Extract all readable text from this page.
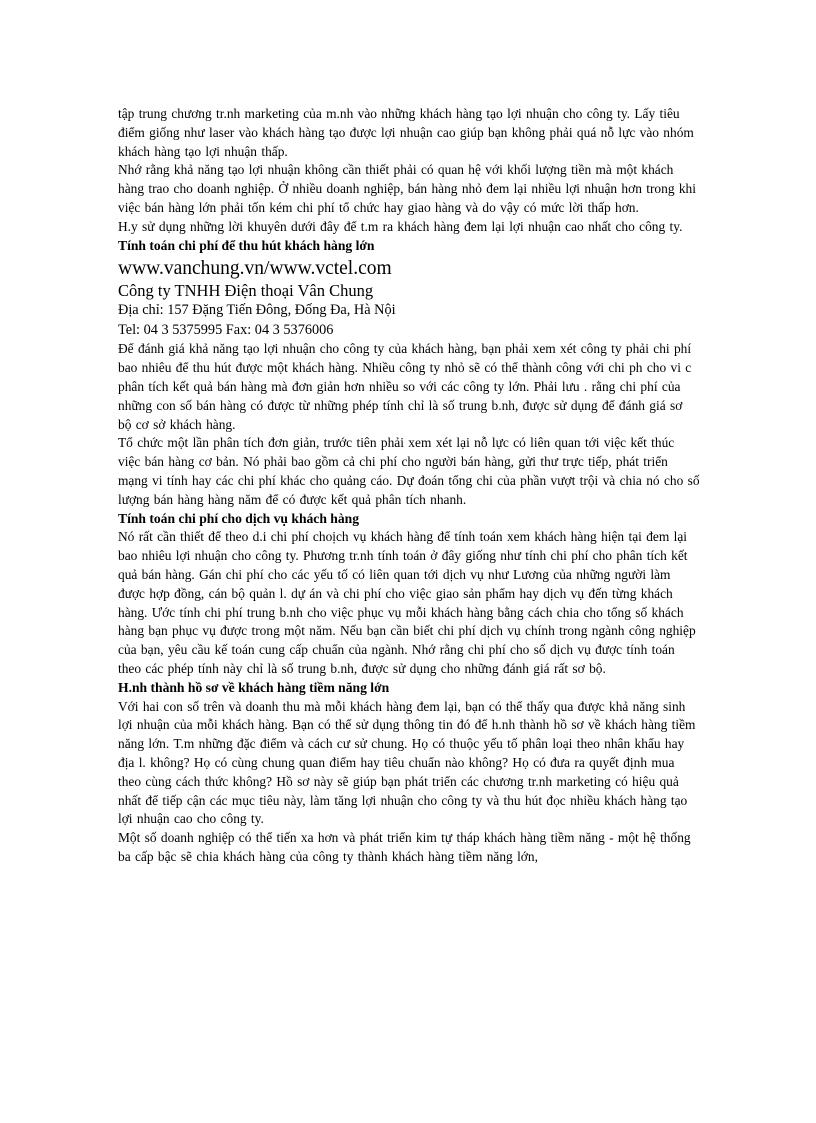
tập trung chương tr.nh marketing của m.nh vào những khách hàng tạo lợi nhuận cho công ty. Lấy tiêu điểm giống như laser vào khách hàng tạo được lợi nhuận cao giúp bạn không phải quá nỗ lực vào nhóm khách hàng tạo lợi nhuận thấp.

Nhớ rằng khả năng tạo lợi nhuận không cần thiết phải có quan hệ với khối lượng tiền mà một khách hàng trao cho doanh nghiệp. Ở nhiều doanh nghiệp, bán hàng nhỏ đem lại nhiều lợi nhuận hơn trong khi việc bán hàng lớn phải tốn kém chi phí tổ chức hay giao hàng và do vậy có mức lời thấp hơn.

H.y sử dụng những lời khuyên dưới đây để t.m ra khách hàng đem lại lợi nhuận cao nhất cho công ty.

Tính toán chi phí để thu hút khách hàng lớn

www.vanchung.vn/www.vctel.com

Công ty TNHH Điện thoại Vân Chung

Địa chỉ: 157 Đặng Tiến Đông, Đống Đa, Hà Nội

Tel: 04 3 5375995 Fax: 04 3 5376006

Để đánh giá khả năng tạo lợi nhuận cho công ty của khách hàng, bạn phải xem xét công ty phải chi phí bao nhiêu để thu hút được một khách hàng. Nhiều công ty nhỏ sẽ có thể thành công với chi ph cho vi c phân tích kết quả bán hàng mà đơn giản hơn nhiều so với các công ty lớn. Phải lưu . rằng chi phí của những con số bán hàng có được từ những phép tính chỉ là số trung b.nh, được sử dụng để đánh giá sơ bộ cơ sở khách hàng.

Tổ chức một lần phân tích đơn giản, trước tiên phải xem xét lại nỗ lực có liên quan tới việc kết thúc việc bán hàng cơ bản. Nó phải bao gồm cả chi phí cho người bán hàng, gửi thư trực tiếp, phát triển mạng vi tính hay các chi phí khác cho quảng cáo. Dự đoán tổng chi của phần vượt trội và chia nó cho số lượng bán hàng hàng năm để có được kết quả phân tích nhanh.

Tính toán chi phí cho dịch vụ khách hàng

Nó rất cần thiết để theo d.i chi phí choịch vụ khách hàng để tính toán xem khách hàng hiện tại đem lại bao nhiêu lợi nhuận cho công ty. Phương tr.nh tính toán ở đây giống như tính chi phí cho phân tích kết quả bán hàng. Gán chi phí cho các yếu tố có liên quan tới dịch vụ như Lương của những người làm được hợp đồng, cán bộ quản l. dự án và chi phí cho việc giao sản phẩm hay dịch vụ đến từng khách hàng. Ước tính chi phí trung b.nh cho việc phục vụ mỗi khách hàng bằng cách chia cho tổng số khách hàng bạn phục vụ được trong một năm. Nếu bạn cần biết chi phí dịch vụ chính trong ngành công nghiệp của bạn, yêu cầu kế toán cung cấp chuẩn của ngành. Nhớ rằng chi phí cho số dịch vụ được tính toán theo các phép tính này chỉ là số trung b.nh, được sử dụng cho những đánh giá rất sơ bộ.

H.nh thành hồ sơ về khách hàng tiềm năng lớn

Với hai con số trên và doanh thu mà mỗi khách hàng đem lại, bạn có thể thấy qua được khả năng sinh lợi nhuận của mỗi khách hàng. Bạn có thể sử dụng thông tin đó để h.nh thành hồ sơ về khách hàng tiềm năng lớn. T.m những đặc điểm và cách cư sử chung. Họ có thuộc yếu tố phân loại theo nhân khẩu hay địa l. không? Họ có cùng chung quan điểm hay tiêu chuẩn nào không? Họ có đưa ra quyết định mua theo cùng cách thức không? Hồ sơ này sẽ giúp bạn phát triển các chương tr.nh marketing có hiệu quả nhất để tiếp cận các mục tiêu này, làm tăng lợi nhuận cho công ty và thu hút đọc nhiều khách hàng tạo lợi nhuận cao cho công ty.

Một số doanh nghiệp có thể tiến xa hơn và phát triển kim tự tháp khách hàng tiềm năng - một hệ thống ba cấp bậc sẽ chia khách hàng của công ty thành khách hàng tiềm năng lớn,
